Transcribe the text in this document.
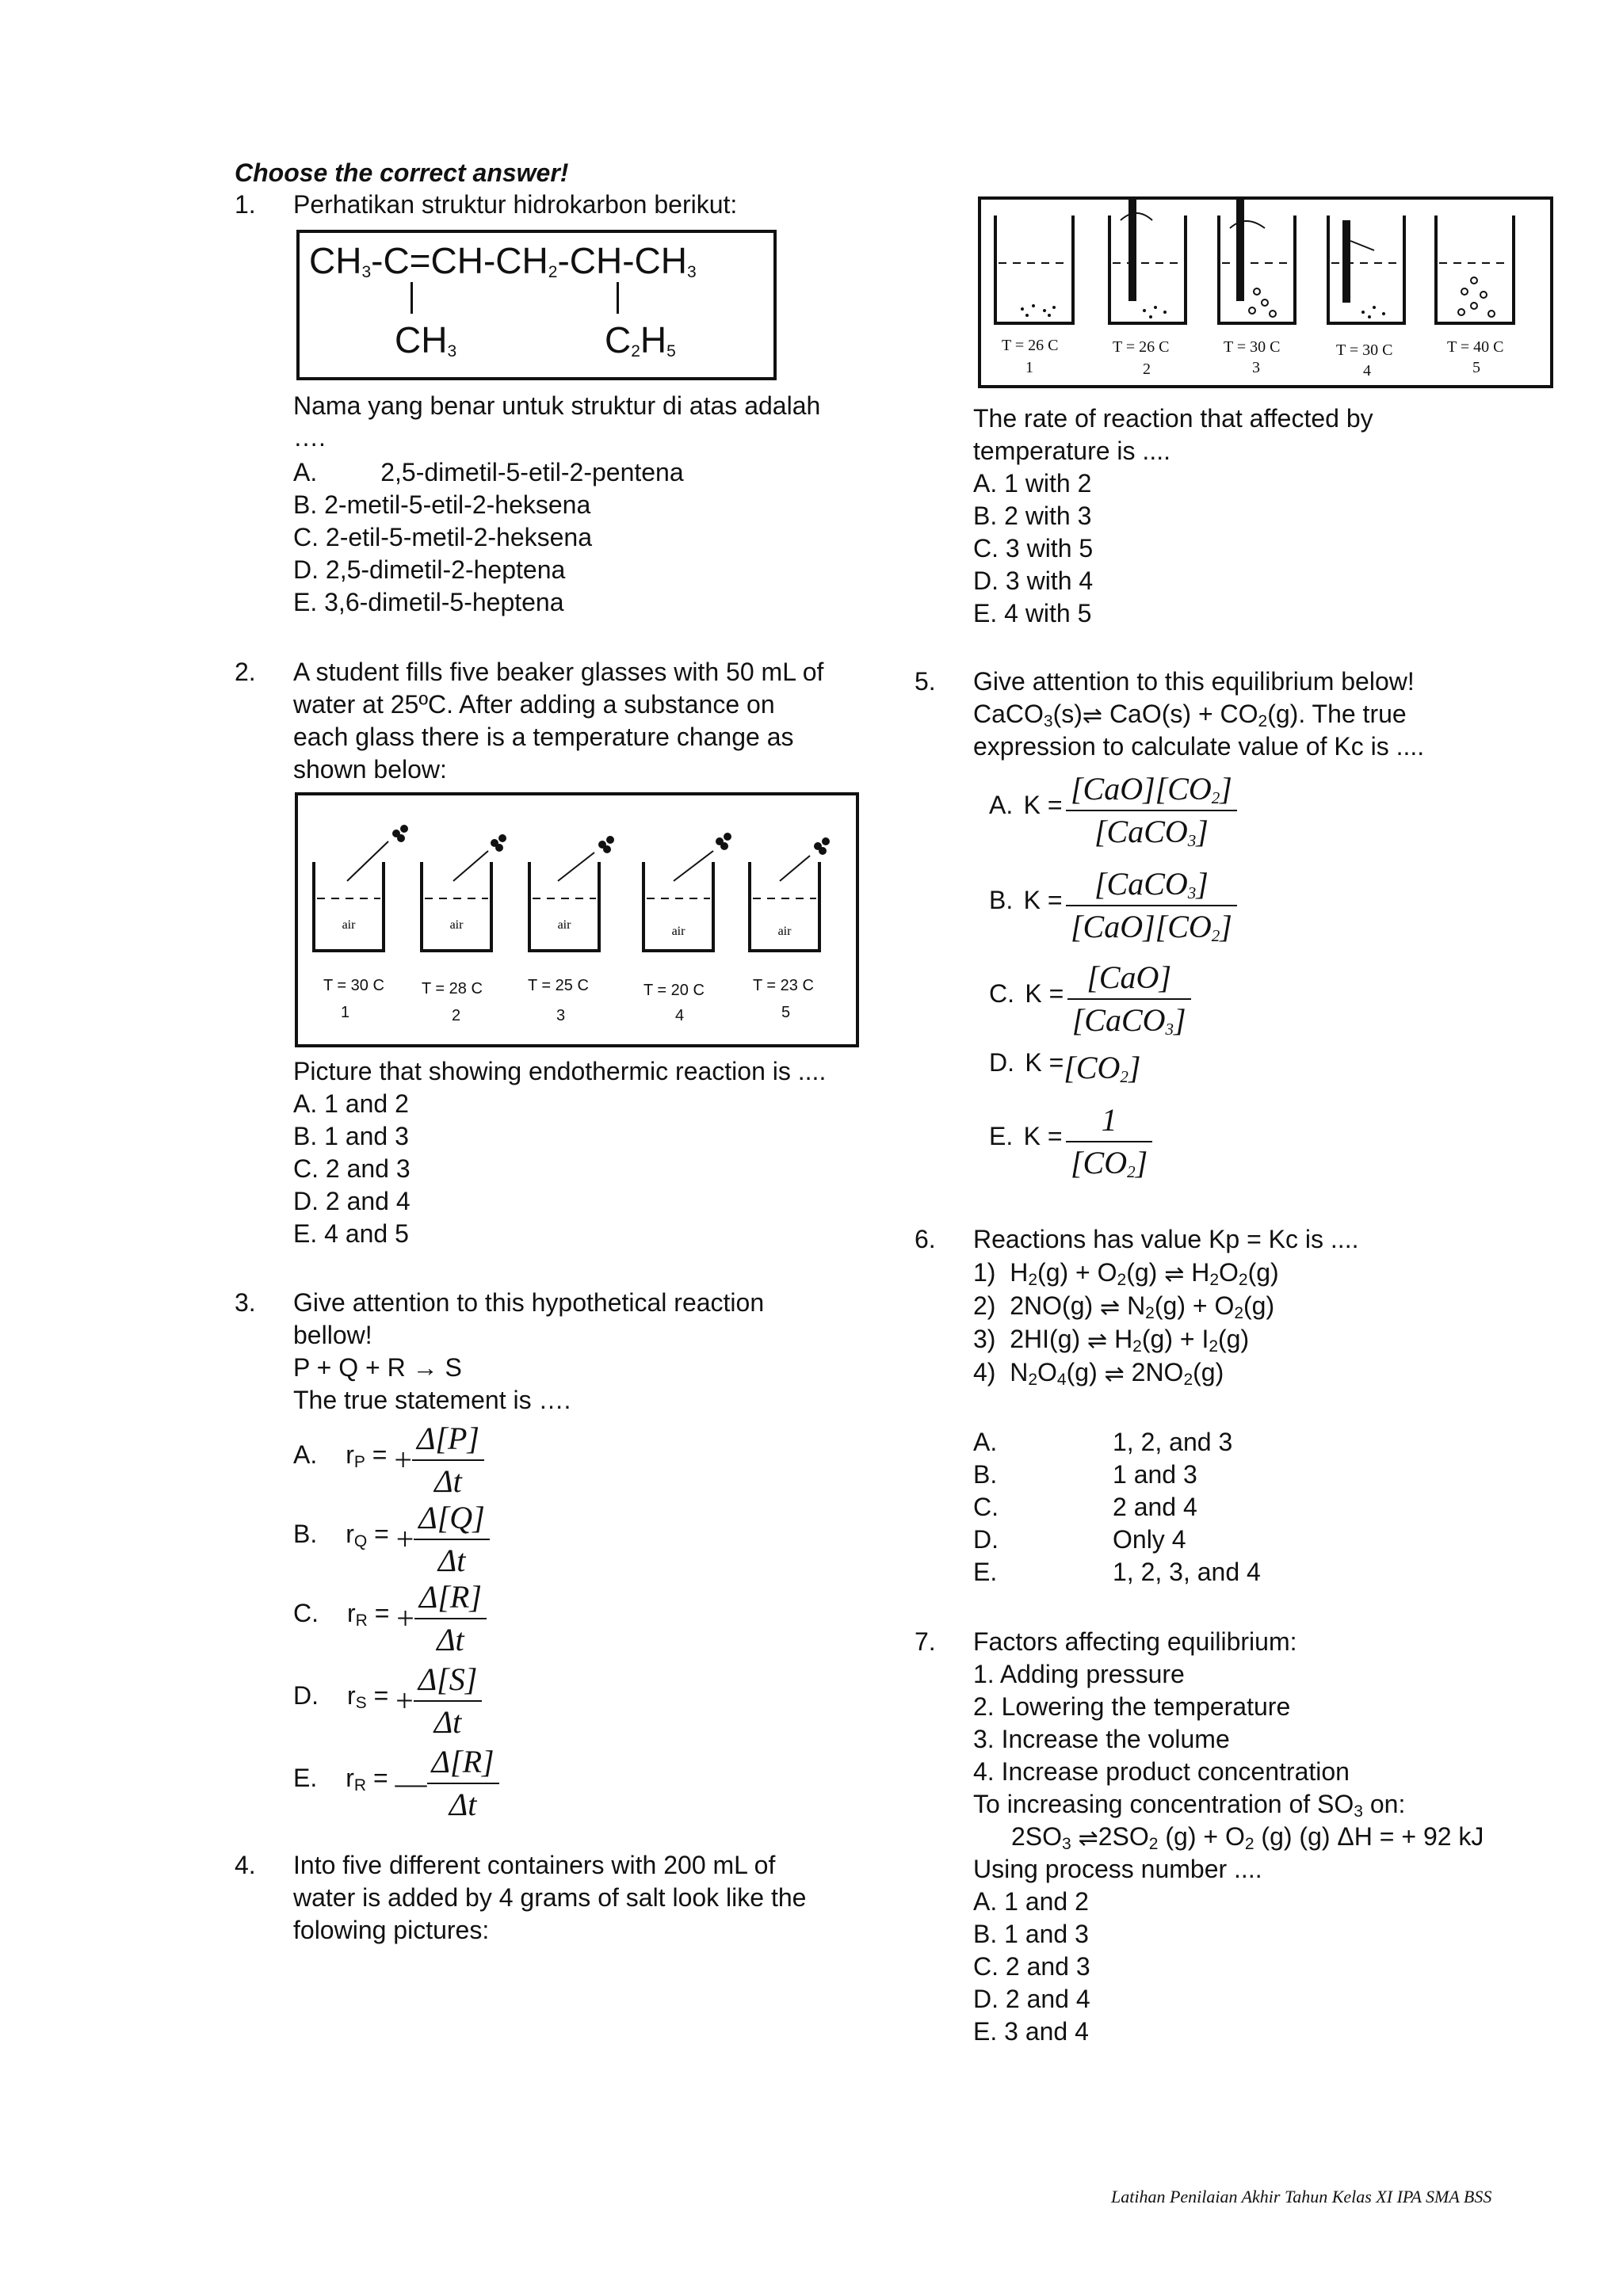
Choose the correct answer!
1. Perhatikan struktur hidrokarbon berikut:
$CH_3-C=CH-CH_2-CH-CH_3$
$CH_3$	$C_2H_5$
Nama yang benar untuk struktur di atas adalah
….
A.	2,5-dimetil-5-etil-2-pentena
B. 2-metil-5-etil-2-heksena
C. 2-etil-5-metil-2-heksena
D. 2,5-dimetil-2-heptena
E. 3,6-dimetil-5-heptena
2. A student fills five beaker glasses with 50 mL of
water at 25ºC. After adding a substance on
each glass there is a temperature change as
shown below:
air	air	air	air	air
T = 30 C
1
T = 28 C
2
T = 25 C
3
T = 20 C
4
T = 23 C
5
Picture that showing endothermic reaction is ....
A. 1 and 2
B. 1 and 3
C. 2 and 3
D. 2 and 4
E. 4 and 5
3. Give attention to this hypothetical reaction
bellow!
P + Q + R → S
The true statement is ….
A. $r_P$ = + $\frac{\Delta[P]}{\Delta t}$
B. $r_Q$ = + $\frac{\Delta[Q]}{\Delta t}$
C. $r_R$ = + $\frac{\Delta[R]}{\Delta t}$
D. $r_S$ = + $\frac{\Delta[S]}{\Delta t}$
E. $r_R$ = — $\frac{\Delta[R]}{\Delta t}$
4. Into five different containers with 200 mL of
water is added by 4 grams of salt look like the
folowing pictures:
T = 26 C
1
T = 26 C
2
T = 30 C
3
T = 30 C
4
T = 40 C
5
The rate of reaction that affected by
temperature is ....
A. 1 with 2
B. 2 with 3
C. 3 with 5
D. 3 with 4
E. 4 with 5
5. Give attention to this equilibrium below!
CaCO$_3$(s)⇌ $CaO(s) + CO_2(g)$. The true
expression to calculate value of Kc is ....
A. $K = \frac{[CaO][CO_2]}{[CaCO_3]}$
B. $K = \frac{[CaCO_3]}{[CaO][CO_2]}$
C. $K = \frac{\text{[CaO]}}{[CaCO_3]}$
D. $K =[CO_2]$
E. $K = \frac{1}{[CO_2]}$
6. Reactions has value Kp = Kc is ....
1)  $H_2(g) + O_2(g)$ ⇌ $H_2O_2(g)$
2)  2NO(g) ⇌ $N_2(g) + O_2(g)$
3)  2HI(g) ⇌ $H_2(g) + I_2(g)$
4)  $N_2O_4(g)$ ⇌ $2NO_2(g)$
A.	1, 2, and 3
B.	1 and 3
C.	2 and 4
D.	Only 4
E.	1, 2, 3, and 4
7. Factors affecting equilibrium:
1. Adding pressure
2. Lowering the temperature
3. Increase the volume
4. Increase product concentration
To increasing concentration of $SO_3$ on:
$2SO_3$ $\rightleftharpoons 2SO_2$ $(g) + O_2$ (g) (g) ΔH = + 92 kJ
Using process number ....
A. 1 and 2
B. 1 and 3
C. 2 and 3
D. 2 and 4
E. 3 and 4
Latihan Penilaian Akhir Tahun Kelas XI IPA SMA BSS
